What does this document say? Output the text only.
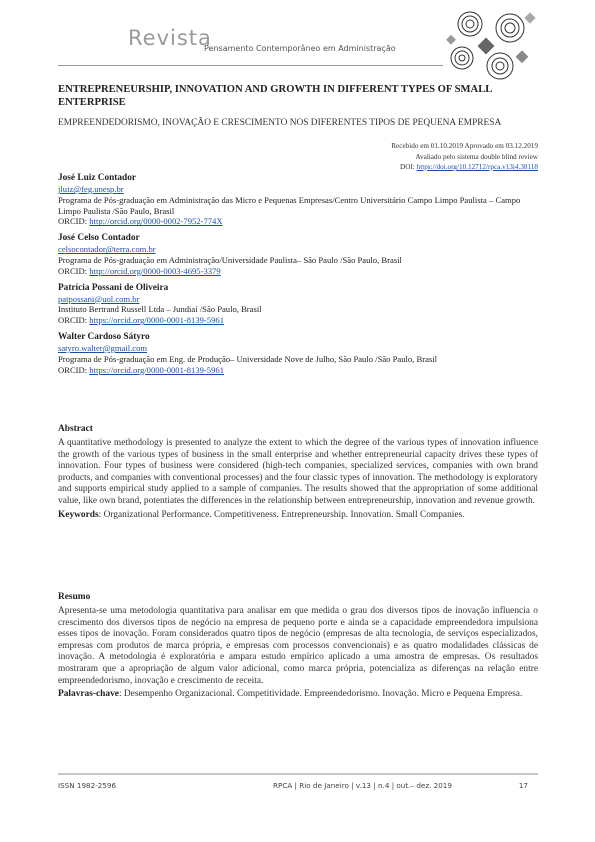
Revista
Pensamento Contemporâneo em Administração
ENTREPRENEURSHIP, INNOVATION AND GROWTH IN DIFFERENT TYPES OF SMALL ENTERPRISE
EMPREENDEDORISMO, INOVAÇÃO E CRESCIMENTO NOS DIFERENTES TIPOS DE PEQUENA EMPRESA
Recebido em 01.10.2019 Aprovado em 03.12.2019
Avaliado pelo sistema double blind review
DOI: https://doi.org/10.12712/rpca.v13i4.38118
José Luiz Contador
jluiz@feg.unesp.br
Programa de Pós-graduação em Administração das Micro e Pequenas Empresas/Centro Universitário Campo Limpo Paulista – Campo Limpo Paulista /São Paulo, Brasil
ORCID: http://orcid.org/0000-0002-7952-774X
José Celso Contador
celsocontador@terra.com.br
Programa de Pós-graduação em Administração/Universidade Paulista– São Paulo /São Paulo, Brasil
ORCID: http://orcid.org/0000-0003-4695-3379
Patrícia Possani de Oliveira
patpossani@uol.com.br
Instituto Bertrand Russell Ltda – Jundiaí /São Paulo, Brasil
ORCID: https://orcid.org/0000-0001-8139-5961
Walter Cardoso Sátyro
satyro.walter@gmail.com
Programa de Pós-graduação em Eng. de Produção– Universidade Nove de Julho, São Paulo /São Paulo, Brasil
ORCID: https://orcid.org/0000-0001-8139-5961
Abstract
A quantitative methodology is presented to analyze the extent to which the degree of the various types of innovation influence the growth of the various types of business in the small enterprise and whether entrepreneurial capacity drives these types of innovation. Four types of business were considered (high-tech companies, specialized services, companies with own brand products, and companies with conventional processes) and the four classic types of innovation. The methodology is exploratory and supports empirical study applied to a sample of companies. The results showed that the appropriation of some additional value, like own brand, potentiates the differences in the relationship between entrepreneurship, innovation and revenue growth.
Keywords: Organizational Performance. Competitiveness. Entrepreneurship. Innovation. Small Companies.
Resumo
Apresenta-se uma metodologia quantitativa para analisar em que medida o grau dos diversos tipos de inovação influencia o crescimento dos diversos tipos de negócio na empresa de pequeno porte e ainda se a capacidade empreendedora impulsiona esses tipos de inovação. Foram considerados quatro tipos de negócio (empresas de alta tecnologia, de serviços especializados, empresas com produtos de marca própria, e empresas com processos convencionais) e as quatro modalidades clássicas de inovação. A metodologia é exploratória e ampara estudo empírico aplicado a uma amostra de empresas. Os resultados mostraram que a apropriação de algum valor adicional, como marca própria, potencializa as diferenças na relação entre empreendedorismo, inovação e crescimento de receita.
Palavras-chave: Desempenho Organizacional. Competitividade. Empreendedorismo. Inovação. Micro e Pequena Empresa.
ISSN 1982-2596	RPCA | Rio de Janeiro | v.13 | n.4 | out.– dez. 2019	17
